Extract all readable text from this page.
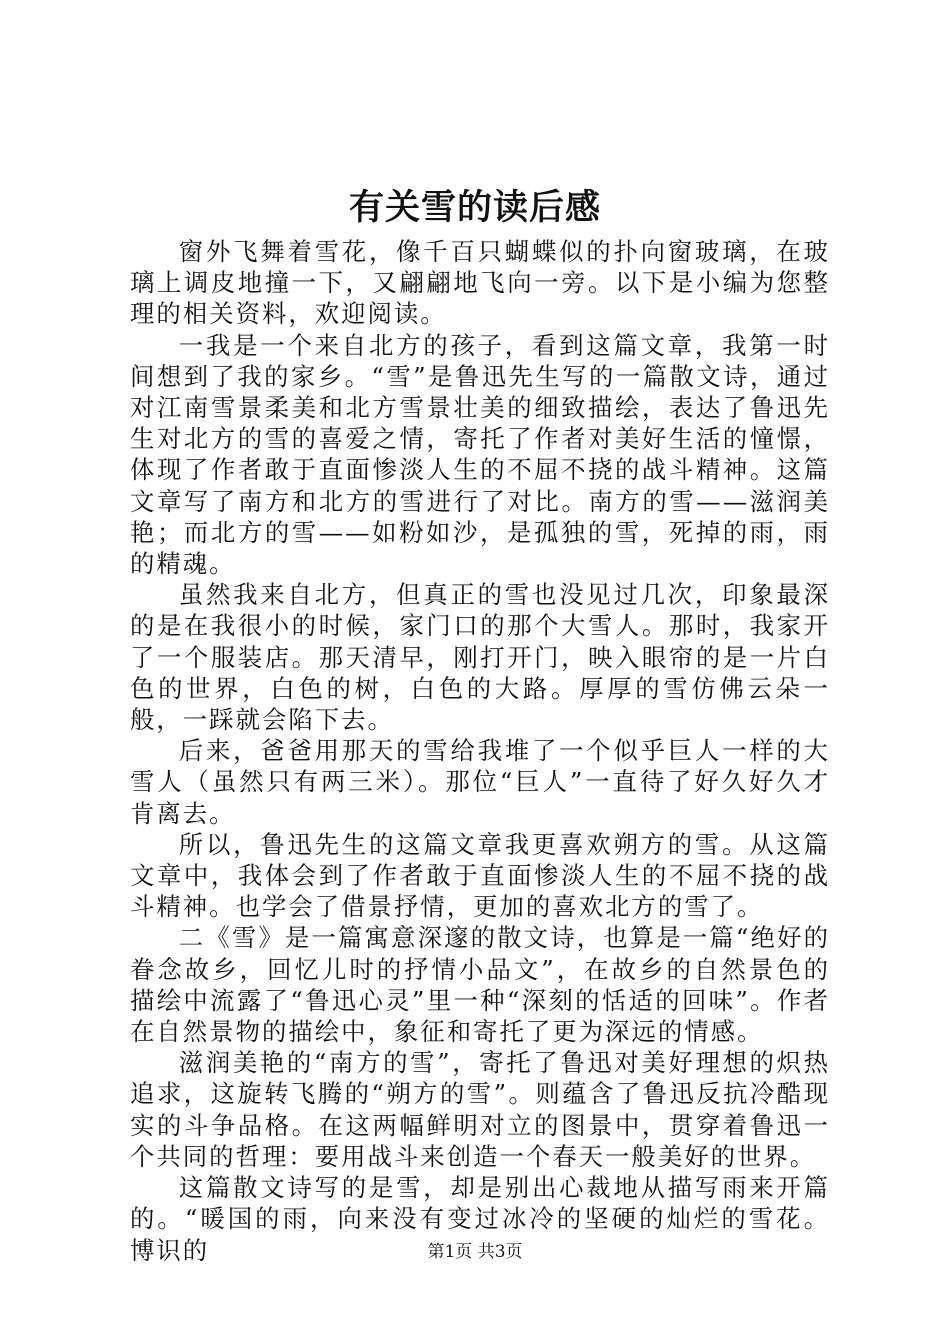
有关雪的读后感

窗外飞舞着雪花，像千百只蝴蝶似的扑向窗玻璃，在玻璃上调皮地撞一下，又翩翩地飞向一旁。以下是小编为您整理的相关资料，欢迎阅读。

一我是一个来自北方的孩子，看到这篇文章，我第一时间想到了我的家乡。“雪”是鲁迅先生写的一篇散文诗，通过对江南雪景柔美和北方雪景壮美的细致描绘，表达了鲁迅先生对北方的雪的喜爱之情，寄托了作者对美好生活的憧憬，体现了作者敢于直面惨淡人生的不屈不挠的战斗精神。这篇文章写了南方和北方的雪进行了对比。南方的雪——滋润美艳；而北方的雪——如粉如沙，是孤独的雪，死掉的雨，雨的精魂。

虽然我来自北方，但真正的雪也没见过几次，印象最深的是在我很小的时候，家门口的那个大雪人。那时，我家开了一个服装店。那天清早，刚打开门，映入眼帘的是一片白色的世界，白色的树，白色的大路。厚厚的雪仿佛云朵一般，一踩就会陷下去。

后来，爸爸用那天的雪给我堆了一个似乎巨人一样的大雪人（虽然只有两三米）。那位“巨人”一直待了好久好久才肯离去。

所以，鲁迅先生的这篇文章我更喜欢朔方的雪。从这篇文章中，我体会到了作者敢于直面惨淡人生的不屈不挠的战斗精神。也学会了借景抒情，更加的喜欢北方的雪了。

二《雪》是一篇寓意深邃的散文诗，也算是一篇“绝好的眷念故乡，回忆儿时的抒情小品文”，在故乡的自然景色的描绘中流露了“鲁迅心灵”里一种“深刻的恬适的回味”。作者在自然景物的描绘中，象征和寄托了更为深远的情感。

滋润美艳的“南方的雪”，寄托了鲁迅对美好理想的炽热追求，这旋转飞腾的“朔方的雪”。则蕴含了鲁迅反抗冷酷现实的斗争品格。在这两幅鲜明对立的图景中，贯穿着鲁迅一个共同的哲理：要用战斗来创造一个春天一般美好的世界。

这篇散文诗写的是雪，却是别出心裁地从描写雨来开篇的。“暖国的雨，向来没有变过冰冷的坚硬的灿烂的雪花。博识的	第1页 共3页
